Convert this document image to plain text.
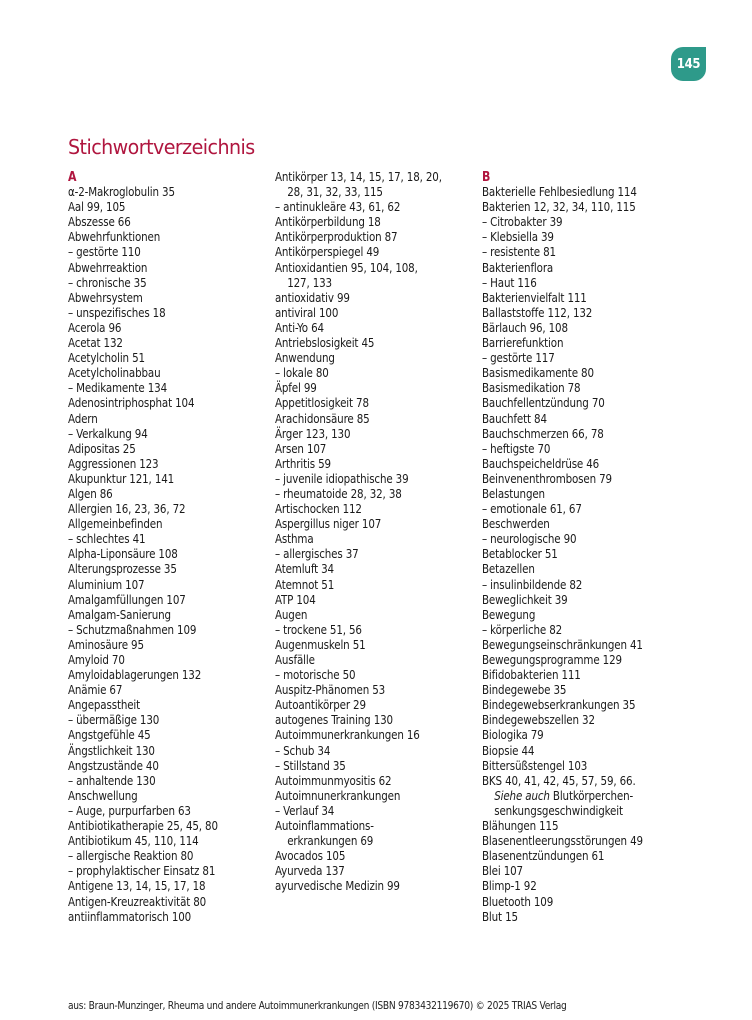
145
Stichwortverzeichnis
A
α-2-Makroglobulin 35
Aal 99, 105
Abszesse 66
Abwehrfunktionen
– gestörte 110
Abwehrreaktion
– chronische 35
Abwehrsystem
– unspezifisches 18
Acerola 96
Acetat 132
Acetylcholin 51
Acetylcholinabbau
– Medikamente 134
Adenosintriphosphat 104
Adern
– Verkalkung 94
Adipositas 25
Aggressionen 123
Akupunktur 121, 141
Algen 86
Allergien 16, 23, 36, 72
Allgemeinbefinden
– schlechtes 41
Alpha-Liponsäure 108
Alterungsprozesse 35
Aluminium 107
Amalgamfüllungen 107
Amalgam-Sanierung
– Schutzmaßnahmen 109
Aminosäure 95
Amyloid 70
Amyloidablagerungen 132
Anämie 67
Angepasstheit
– übermäßige 130
Angstgefühle 45
Ängstlichkeit 130
Angstzustände 40
– anhaltende 130
Anschwellung
– Auge, purpurfarben 63
Antibiotikatherapie 25, 45, 80
Antibiotikum 45, 110, 114
– allergische Reaktion 80
– prophylaktischer Einsatz 81
Antigene 13, 14, 15, 17, 18
Antigen-Kreuzreaktivität 80
antiinflammatorisch 100
Antikörper 13, 14, 15, 17, 18, 20,
28, 31, 32, 33, 115
– antinukleäre 43, 61, 62
Antikörperbildung 18
Antikörperproduktion 87
Antikörperspiegel 49
Antioxidantien 95, 104, 108,
127, 133
antioxidativ 99
antiviral 100
Anti-Yo 64
Antriebslosigkeit 45
Anwendung
– lokale 80
Äpfel 99
Appetitlosigkeit 78
Arachidonsäure 85
Ärger 123, 130
Arsen 107
Arthritis 59
– juvenile idiopathische 39
– rheumatoide 28, 32, 38
Artischocken 112
Aspergillus niger 107
Asthma
– allergisches 37
Atemluft 34
Atemnot 51
ATP 104
Augen
– trockene 51, 56
Augenmuskeln 51
Ausfälle
– motorische 50
Auspitz-Phänomen 53
Autoantikörper 29
autogenes Training 130
Autoimmunerkrankungen 16
– Schub 34
– Stillstand 35
Autoimmunmyositis 62
Autoimnunerkrankungen
– Verlauf 34
Autoinflammations-
erkrankungen 69
Avocados 105
Ayurveda 137
ayurvedische Medizin 99
B
Bakterielle Fehlbesiedlung 114
Bakterien 12, 32, 34, 110, 115
– Citrobakter 39
– Klebsiella 39
– resistente 81
Bakterienflora
– Haut 116
Bakterienvielfalt 111
Ballaststoffe 112, 132
Bärlauch 96, 108
Barrierefunktion
– gestörte 117
Basismedikamente 80
Basismedikation 78
Bauchfellentzündung 70
Bauchfett 84
Bauchschmerzen 66, 78
– heftigste 70
Bauchspeicheldrüse 46
Beinvenenthrombosen 79
Belastungen
– emotionale 61, 67
Beschwerden
– neurologische 90
Betablocker 51
Betazellen
– insulinbildende 82
Beweglichkeit 39
Bewegung
– körperliche 82
Bewegungseinschränkungen 41
Bewegungsprogramme 129
Bifidobakterien 111
Bindegewebe 35
Bindegewebserkrankungen 35
Bindegewebszellen 32
Biologika 79
Biopsie 44
Bittersüßstengel 103
BKS 40, 41, 42, 45, 57, 59, 66.
Siehe auch Blutkörperchen-
senkungsgeschwindigkeit
Blähungen 115
Blasenentleerungsstörungen 49
Blasenentzündungen 61
Blei 107
Blimp-1 92
Bluetooth 109
Blut 15
aus: Braun-Munzinger, Rheuma und andere Autoimmunerkrankungen (ISBN 9783432119670) © 2025 TRIAS Verlag
